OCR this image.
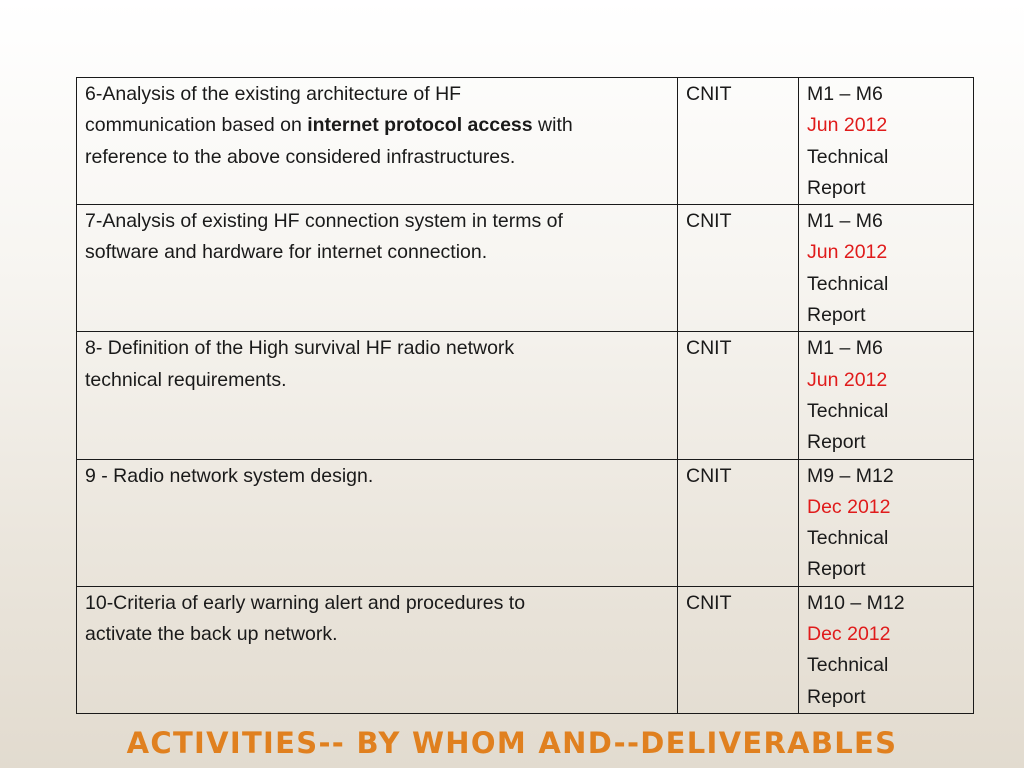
6-Analysis of the existing architecture of HF
communication based on internet protocol access with
reference to the above considered infrastructures.	CNIT	M1 – M6
Jun 2012
Technical
Report

7-Analysis of existing HF connection system in terms of
software and hardware for internet connection.	CNIT	M1 – M6
Jun 2012
Technical
Report

8- Definition of the High survival HF radio network
technical requirements.	CNIT	M1 – M6
Jun 2012
Technical
Report

9 - Radio network system design.	CNIT	M9 – M12
Dec 2012
Technical
Report

10-Criteria of early warning alert and procedures to
activate the back up network.	CNIT	M10 – M12
Dec 2012
Technical
Report
ACTIVITIES-- BY WHOM AND--DELIVERABLES
